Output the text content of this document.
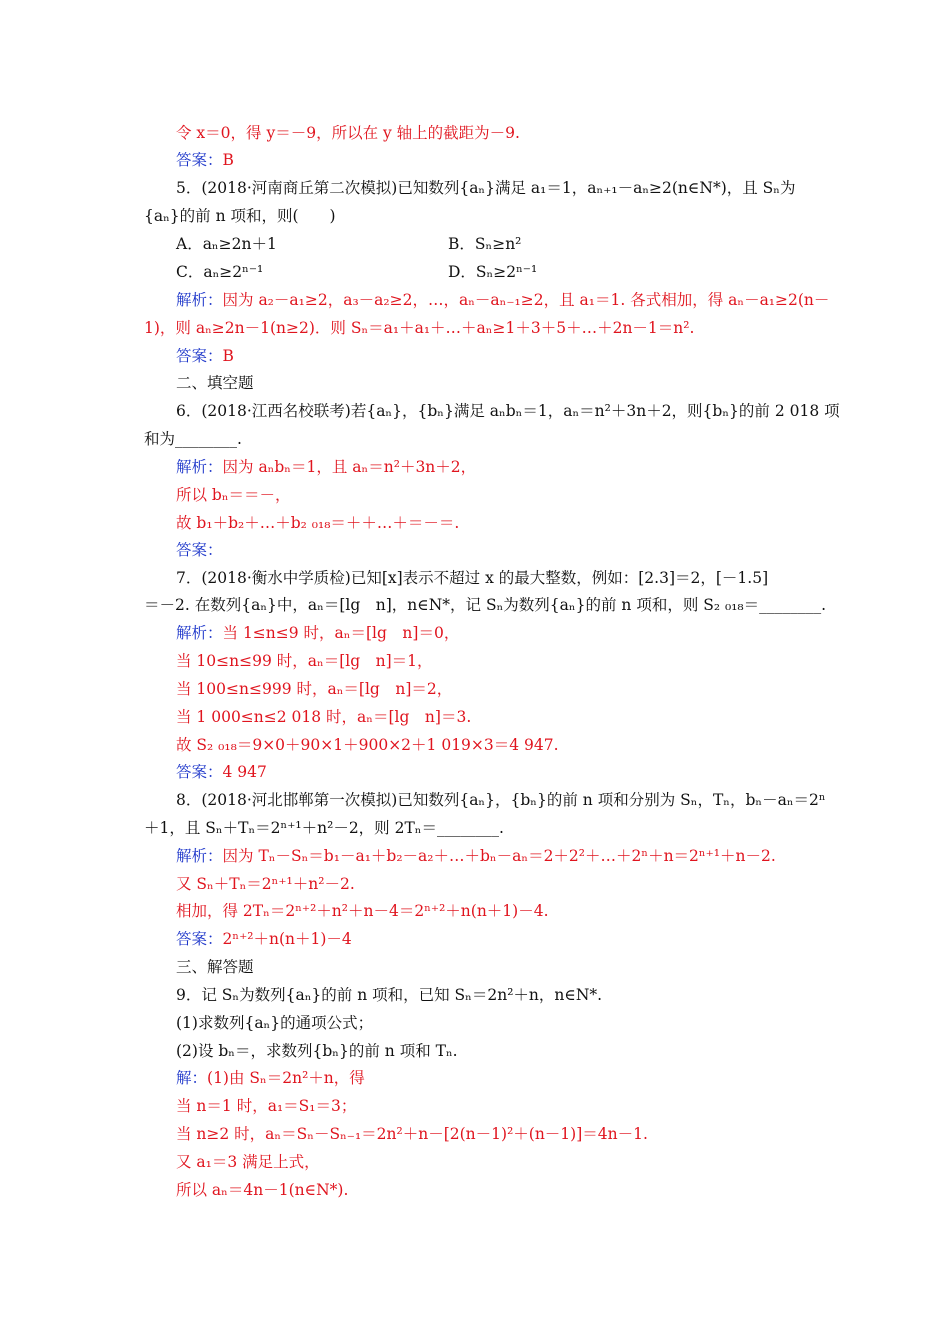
令 x＝0，得 y＝－9，所以在 y 轴上的截距为－9.
答案：B
5．(2018·河南商丘第二次模拟)已知数列{aₙ}满足 a₁＝1，aₙ₊₁－aₙ≥2(n∈N*)，且 Sₙ为
{aₙ}的前 n 项和，则(　　)
A．aₙ≥2n＋1	B．Sₙ≥n²
C．aₙ≥2ⁿ⁻¹	D．Sₙ≥2ⁿ⁻¹
解析：因为 a₂－a₁≥2，a₃－a₂≥2，…，aₙ－aₙ₋₁≥2，且 a₁＝1. 各式相加，得 aₙ－a₁≥2(n－
1)，则 aₙ≥2n－1(n≥2)．则 Sₙ＝a₁＋a₁＋…＋aₙ≥1＋3＋5＋…＋2n－1＝n².
答案：B
二、填空题
6．(2018·江西名校联考)若{aₙ}，{bₙ}满足 aₙbₙ＝1，aₙ＝n²＋3n＋2，则{bₙ}的前 2 018 项
和为________.
解析：因为 aₙbₙ＝1，且 aₙ＝n²＋3n＋2，
所以 bₙ＝＝－，
故 b₁＋b₂＋…＋b₂ ₀₁₈＝＋＋…＋＝－＝.
答案：
7．(2018·衡水中学质检)已知[x]表示不超过 x 的最大整数，例如：[2.3]＝2，[－1.5]
＝－2. 在数列{aₙ}中，aₙ＝[lg　n]，n∈N*，记 Sₙ为数列{aₙ}的前 n 项和，则 S₂ ₀₁₈＝________.
解析：当 1≤n≤9 时，aₙ＝[lg　n]＝0，
当 10≤n≤99 时，aₙ＝[lg　n]＝1，
当 100≤n≤999 时，aₙ＝[lg　n]＝2，
当 1 000≤n≤2 018 时，aₙ＝[lg　n]＝3.
故 S₂ ₀₁₈＝9×0＋90×1＋900×2＋1 019×3＝4 947.
答案：4 947
8．(2018·河北邯郸第一次模拟)已知数列{aₙ}，{bₙ}的前 n 项和分别为 Sₙ，Tₙ，bₙ－aₙ＝2ⁿ
＋1，且 Sₙ＋Tₙ＝2ⁿ⁺¹＋n²－2，则 2Tₙ＝________.
解析：因为 Tₙ－Sₙ＝b₁－a₁＋b₂－a₂＋…＋bₙ－aₙ＝2＋2²＋…＋2ⁿ＋n＝2ⁿ⁺¹＋n－2.
又 Sₙ＋Tₙ＝2ⁿ⁺¹＋n²－2.
相加，得 2Tₙ＝2ⁿ⁺²＋n²＋n－4＝2ⁿ⁺²＋n(n＋1)－4.
答案：2ⁿ⁺²＋n(n＋1)－4
三、解答题
9．记 Sₙ为数列{aₙ}的前 n 项和，已知 Sₙ＝2n²＋n，n∈N*.
(1)求数列{aₙ}的通项公式；
(2)设 bₙ＝，求数列{bₙ}的前 n 项和 Tₙ.
解：(1)由 Sₙ＝2n²＋n，得
当 n＝1 时，a₁＝S₁＝3；
当 n≥2 时，aₙ＝Sₙ－Sₙ₋₁＝2n²＋n－[2(n－1)²＋(n－1)]＝4n－1.
又 a₁＝3 满足上式，
所以 aₙ＝4n－1(n∈N*).
